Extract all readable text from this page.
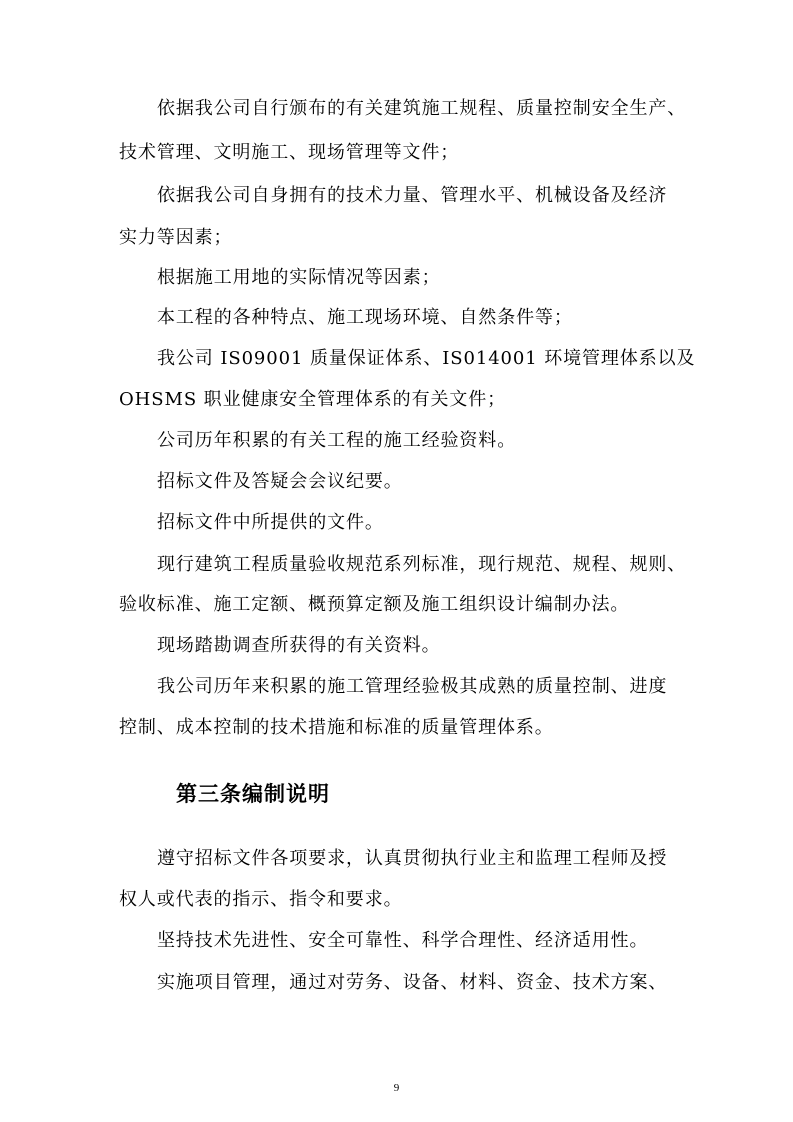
依据我公司自行颁布的有关建筑施工规程、质量控制安全生产、
技术管理、文明施工、现场管理等文件；
依据我公司自身拥有的技术力量、管理水平、机械设备及经济
实力等因素；
根据施工用地的实际情况等因素；
本工程的各种特点、施工现场环境、自然条件等；
我公司 IS09001 质量保证体系、IS014001 环境管理体系以及
OHSMS 职业健康安全管理体系的有关文件；
公司历年积累的有关工程的施工经验资料。
招标文件及答疑会会议纪要。
招标文件中所提供的文件。
现行建筑工程质量验收规范系列标准，现行规范、规程、规则、
验收标准、施工定额、概预算定额及施工组织设计编制办法。
现场踏勘调查所获得的有关资料。
我公司历年来积累的施工管理经验极其成熟的质量控制、进度
控制、成本控制的技术措施和标准的质量管理体系。
第三条编制说明
遵守招标文件各项要求，认真贯彻执行业主和监理工程师及授
权人或代表的指示、指令和要求。
坚持技术先进性、安全可靠性、科学合理性、经济适用性。
实施项目管理，通过对劳务、设备、材料、资金、技术方案、
9
